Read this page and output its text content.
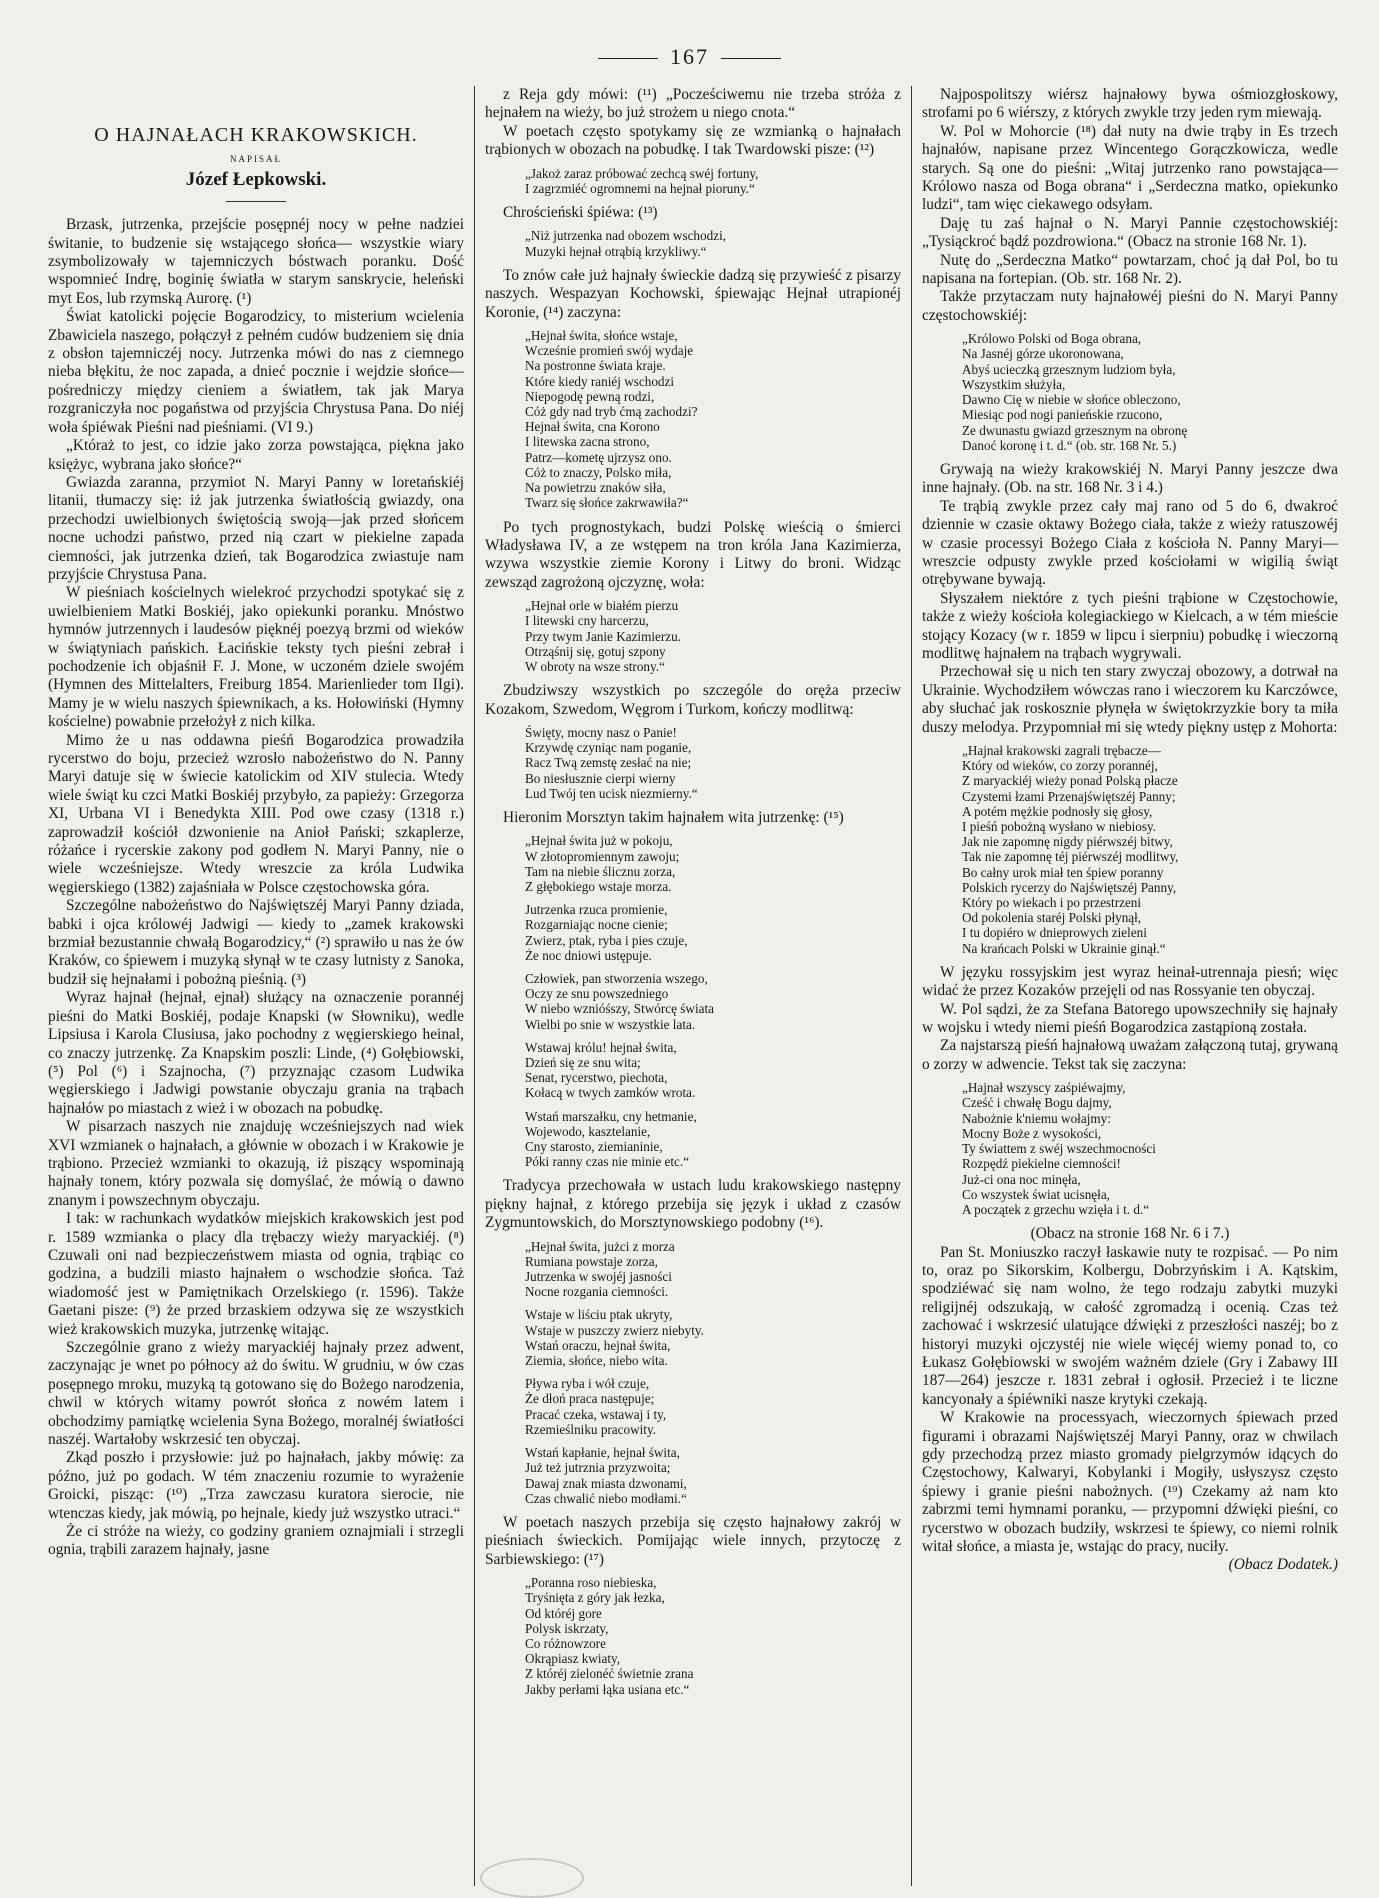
167
O HAJNAŁACH KRAKOWSKICH.
NAPISAŁ
Józef Łepkowski.

Brzask, jutrzenka, przejście posępnéj nocy w pełne nadziei świtanie, to budzenie się wstającego słońca— wszystkie wiary zsymbolizowały w tajemniczych bóstwach poranku. Dość wspomnieć Indrę, boginię światła w starym sanskrycie, heleński myt Eos, lub rzymską Aurorę. (¹)

Świat katolicki pojęcie Bogarodzicy, to misterium wcielenia Zbawiciela naszego, połączył z pełném cudów budzeniem się dnia z obsłon tajemniczéj nocy. Jutrzenka mówi do nas z ciemnego nieba błękitu, że noc zapada, a dnieć pocznie i wejdzie słońce—pośredniczy między cieniem a światłem, tak jak Marya rozgraniczyła noc pogaństwa od przyjścia Chrystusa Pana. Do niéj woła śpiéwak Pieśni nad pieśniami. (VI 9.)

„Któraż to jest, co idzie jako zorza powstająca, piękna jako księżyc, wybrana jako słońce?“

Gwiazda zaranna, przymiot N. Maryi Panny w loretańskiéj litanii, tłumaczy się: iż jak jutrzenka światłością gwiazdy, ona przechodzi uwielbionych świętością swoją—jak przed słońcem nocne uchodzi państwo, przed nią czart w piekielne zapada ciemności, jak jutrzenka dzień, tak Bogarodzica zwiastuje nam przyjście Chrystusa Pana.

W pieśniach kościelnych wielekroć przychodzi spotykać się z uwielbieniem Matki Boskiéj, jako opiekunki poranku. Mnóstwo hymnów jutrzennych i laudesów pięknéj poezyą brzmi od wieków w świątyniach pańskich. Łacińskie teksty tych pieśni zebrał i pochodzenie ich objaśnił F. J. Mone, w uczoném dziele swojém (Hymnen des Mittelalters, Freiburg 1854. Marienlieder tom IIgi). Mamy je w wielu naszych śpiewnikach, a ks. Hołowiński (Hymny kościelne) powabnie przełożył z nich kilka.

Mimo że u nas oddawna pieśń Bogarodzica prowadziła rycerstwo do boju, przecież wzrosło nabożeństwo do N. Panny Maryi datuje się w świecie katolickim od XIV stulecia. Wtedy wiele świąt ku czci Matki Boskiéj przybyło, za papieży: Grzegorza XI, Urbana VI i Benedykta XIII. Pod owe czasy (1318 r.) zaprowadził kościół dzwonienie na Anioł Pański; szkaplerze, różańce i rycerskie zakony pod godłem N. Maryi Panny, nie o wiele wcześniejsze. Wtedy wreszcie za króla Ludwika węgierskiego (1382) zajaśniała w Polsce częstochowska góra.

Szczególne nabożeństwo do Najświętszéj Maryi Panny dziada, babki i ojca królowéj Jadwigi — kiedy to „zamek krakowski brzmiał bezustannie chwałą Bogarodzicy,“ (²) sprawiło u nas że ów Kraków, co śpiewem i muzyką słynął w te czasy lutnisty z Sanoka, budził się hejnałami i pobożną pieśnią. (³)

Wyraz hajnał (hejnał, ejnał) służący na oznaczenie porannéj pieśni do Matki Boskiéj, podaje Knapski (w Słowniku), wedle Lipsiusa i Karola Clusiusa, jako pochodny z węgierskiego heinal, co znaczy jutrzenkę. Za Knapskim poszli: Linde, (⁴) Gołębiowski, (⁵) Pol (⁶) i Szajnocha, (⁷) przyznając czasom Ludwika węgierskiego i Jadwigi powstanie obyczaju grania na trąbach hajnałów po miastach z wież i w obozach na pobudkę.

W pisarzach naszych nie znajduję wcześniejszych nad wiek XVI wzmianek o hajnałach, a głównie w obozach i w Krakowie je trąbiono. Przecież wzmianki to okazują, iż piszący wspominają hajnały tonem, który pozwala się domyślać, że mówią o dawno znanym i powszechnym obyczaju.

I tak: w rachunkach wydatków miejskich krakowskich jest pod r. 1589 wzmianka o placy dla trębaczy wieży maryackiéj. (⁸) Czuwali oni nad bezpieczeństwem miasta od ognia, trąbiąc co godzina, a budzili miasto hajnałem o wschodzie słońca. Taż wiadomość jest w Pamiętnikach Orzelskiego (r. 1596). Także Gaetani pisze: (⁹) że przed brzaskiem odzywa się ze wszystkich wież krakowskich muzyka, jutrzenkę witając.

Szczególnie grano z wieży maryackiéj hajnały przez adwent, zaczynając je wnet po północy aż do świtu. W grudniu, w ów czas posępnego mroku, muzyką tą gotowano się do Bożego narodzenia, chwil w których witamy powrót słońca z nowém latem i obchodzimy pamiątkę wcielenia Syna Bożego, moralnéj światłości naszéj. Wartałoby wskrzesić ten obyczaj.

Zkąd poszło i przysłowie: już po hajnałach, jakby mówię: za późno, już po godach. W tém znaczeniu rozumie to wyrażenie Groicki, pisząc: (¹⁰) „Trza zawczasu kuratora sierocie, nie wtenczas kiedy, jak mówią, po hejnale, kiedy już wszystko utraci.“

Że ci stróże na wieży, co godziny graniem oznajmiali i strzegli ognia, trąbili zarazem hajnały, jasne

z Reja gdy mówi: (¹¹) „Pocześciwemu nie trzeba stróża z hejnałem na wieży, bo już strożem u niego cnota.“

W poetach często spotykamy się ze wzmianką o hajnałach trąbionych w obozach na pobudkę. I tak Twardowski pisze: (¹²)

„Jakoż zaraz próbować zechcą swéj fortuny,
I zagrzmiéć ogromnemi na hejnał pioruny.“

Chrościeński śpiéwa: (¹³)

„Niż jutrzenka nad obozem wschodzi,
Muzyki hejnał otrąbią krzykliwy.“

To znów całe już hajnały świeckie dadzą się przywieść z pisarzy naszych. Wespazyan Kochowski, śpiewając Hejnał utrapionéj Koronie, (¹⁴) zaczyna:

„Hejnał świta, słońce wstaje,
Wcześnie promień swój wydaje
Na postronne świata kraje.
Które kiedy raniéj wschodzi
Niepogodę pewną rodzi,
Cóż gdy nad tryb ćmą zachodzi?
Hejnał świta, cna Korono
I litewska zacna strono,
Patrz—kometę ujrzysz ono.
Cóż to znaczy, Polsko miła,
Na powietrzu znaków siła,
Twarz się słońce zakrwawiła?“

Po tych prognostykach, budzi Polskę wieścią o śmierci Władysława IV, a ze wstępem na tron króla Jana Kazimierza, wzywa wszystkie ziemie Korony i Litwy do broni. Widząc zewsząd zagrożoną ojczyznę, woła:

„Hejnał orle w białém pierzu
I litewski cny harcerzu,
Przy twym Janie Kazimierzu.
Otrząśnij się, gotuj szpony
W obroty na wsze strony.“

Zbudziwszy wszystkich po szczególe do oręża przeciw Kozakom, Szwedom, Węgrom i Turkom, kończy modlitwą:

Święty, mocny nasz o Panie!
Krzywdę czyniąc nam poganie,
Racz Twą zemstę zesłać na nie;
Bo niesłusznie cierpi wierny
Lud Twój ten ucisk niezmierny.“

Hieronim Morsztyn takim hajnałem wita jutrzenkę: (¹⁵)

„Hejnał świta już w pokoju,
W złotopromiennym zawoju;
Tam na niebie ślicznu zorza,
Z głębokiego wstaje morza.
Jutrzenka rzuca promienie,
Rozgarniając nocne cienie;
Zwierz, ptak, ryba i pies czuje,
Że noc dniowi ustępuje.
Człowiek, pan stworzenia wszego,
Oczy ze snu powszedniego
W niebo wznióśszy, Stwórcę świata
Wielbi po snie w wszystkie lata.
Wstawaj królu! hejnał świta,
Dzień się ze snu wita;
Senat, rycerstwo, piechota,
Kołacą w twych zamków wrota.
Wstań marszałku, cny hetmanie,
Wojewodo, kasztelanie,
Cny starosto, ziemianinie,
Póki ranny czas nie minie etc.“

Tradycya przechowała w ustach ludu krakowskiego następny piękny hajnał, z którego przebija się język i układ z czasów Zygmuntowskich, do Morsztynowskiego podobny (¹⁶).

„Hejnał świta, jużci z morza
Rumiana powstaje zorza,
Jutrzenka w swojéj jasności
Nocne rozgania ciemności.
Wstaje w liściu ptak ukryty,
Wstaje w puszczy zwierz niebyty.
Wstań oraczu, hejnał świta,
Ziemia, słońce, niebo wita.
Pływa ryba i wół czuje,
Że dłoń praca następuje;
Pracać czeka, wstawaj i ty,
Rzemieślniku pracowity.
Wstań kapłanie, hejnał świta,
Już też jutrznia przyzwoita;
Dawaj znak miasta dzwonami,
Czas chwalić niebo modłami.“

W poetach naszych przebija się często hajnałowy zakrój w pieśniach świeckich. Pomijając wiele innych, przytoczę z Sarbiewskiego: (¹⁷)

„Poranna roso niebieska,
Tryśnięta z góry jak łezka,
Od któréj gore
Polysk iskrzaty,
Co różnowzore
Okrąpiasz kwiaty,
Z któréj zielonéć świetnie zrana
Jakby perłami łąka usiana etc.“

Najpospolitszy wiérsz hajnałowy bywa ośmiozgłoskowy, strofami po 6 wiérszy, z których zwykle trzy jeden rym miewają.

W. Pol w Mohorcie (¹⁸) dał nuty na dwie trąby in Es trzech hajnałów, napisane przez Wincentego Gorączkowicza, wedle starych. Są one do pieśni: „Witaj jutrzenko rano powstająca—Królowo nasza od Boga obrana“ i „Serdeczna matko, opiekunko ludzi“, tam więc ciekawego odsyłam.

Daję tu zaś hajnał o N. Maryi Pannie częstochowskiéj: „Tysiąckroć bądź pozdrowiona.“ (Obacz na stronie 168 Nr. 1).

Nutę do „Serdeczna Matko“ powtarzam, choć ją dał Pol, bo tu napisana na fortepian. (Ob. str. 168 Nr. 2).

Także przytaczam nuty hajnałowéj pieśni do N. Maryi Panny częstochowskiéj:

„Królowo Polski od Boga obrana,
Na Jasnéj górze ukoronowana,
Abyś ucieczką grzesznym ludziom była,
Wszystkim służyła,
Dawno Cię w niebie w słońce obleczono,
Miesiąc pod nogi panieńskie rzucono,
Ze dwunastu gwiazd grzesznym na obronę
Danoć koronę i t. d.“ (ob. str. 168 Nr. 5.)

Grywają na wieży krakowskiéj N. Maryi Panny jeszcze dwa inne hajnały. (Ob. na str. 168 Nr. 3 i 4.)

Te trąbią zwykle przez cały maj rano od 5 do 6, dwakroć dziennie w czasie oktawy Bożego ciała, także z wieży ratuszowéj w czasie processyi Bożego Ciała z kościoła N. Panny Maryi—wreszcie odpusty zwykle przed kościołami w wigilią świąt otrębywane bywają.

Słyszałem niektóre z tych pieśni trąbione w Częstochowie, także z wieży kościoła kolegiackiego w Kielcach, a w tém mieście stojący Kozacy (w r. 1859 w lipcu i sierpniu) pobudkę i wieczorną modlitwę hajnałem na trąbach wygrywali.

Przechował się u nich ten stary zwyczaj obozowy, a dotrwał na Ukrainie. Wychodziłem wówczas rano i wieczorem ku Karczówce, aby słuchać jak roskosznie płynęła w świętokrzyzkie bory ta miła duszy melodya. Przypomniał mi się wtedy piękny ustęp z Mohorta:

„Hajnał krakowski zagrali trębacze—
Który od wieków, co zorzy porannéj,
Z maryackiéj wieży ponad Polską płacze
Czystemi łzami Przenajświętszéj Panny;
A potém mężkie podnosły się głosy,
I pieśń pobożną wysłano w niebiosy.
Jak nie zapomnę nigdy piérwszéj bitwy,
Tak nie zapomnę téj piérwszéj modlitwy,
Bo całny urok miał ten śpiew poranny
Polskich rycerzy do Najświętszéj Panny,
Który po wiekach i po przestrzeni
Od pokolenia staréj Polski płynął,
I tu dopiéro w dnieprowych zieleni
Na krańcach Polski w Ukrainie ginął.“

W języku rossyjskim jest wyraz heinał-utrennaja piesń; więc widać że przez Kozaków przejęli od nas Rossyanie ten obyczaj.

W. Pol sądzi, że za Stefana Batorego upowszechniły się hajnały w wojsku i wtedy niemi pieśń Bogarodzica zastąpioną została.

Za najstarszą pieśń hajnałową uważam załączoną tutaj, grywaną o zorzy w adwencie. Tekst tak się zaczyna:

„Hajnał wszyscy zaśpiéwajmy,
Cześć i chwałę Bogu dajmy,
Nabożnie k'niemu wołajmy:
Mocny Boże z wysokości,
Ty świattem z swéj wszechmocności
Rozpędź piekielne ciemności!
Już-ci ona noc minęła,
Co wszystek świat ucisnęła,
A początek z grzechu wzięła i t. d.“

(Obacz na stronie 168 Nr. 6 i 7.)

Pan St. Moniuszko raczył łaskawie nuty te rozpisać. — Po nim to, oraz po Sikorskim, Kolbergu, Dobrzyńskim i A. Kątskim, spodziéwać się nam wolno, że tego rodzaju zabytki muzyki religijnéj odszukają, w całość zgromadzą i ocenią. Czas też zachować i wskrzesić ulatujące dźwięki z przeszłości naszéj; bo z historyi muzyki ojczystéj nie wiele więcéj wiemy ponad to, co Łukasz Gołębiowski w swojém ważném dziele (Gry i Zabawy III 187—264) jeszcze r. 1831 zebrał i ogłosił. Przecież i te liczne kancyonały a śpiéwniki nasze krytyki czekają.

W Krakowie na processyach, wieczornych śpiewach przed figurami i obrazami Najświętszéj Maryi Panny, oraz w chwilach gdy przechodzą przez miasto gromady pielgrzymów idących do Częstochowy, Kalwaryi, Kobylanki i Mogiły, usłyszysz często śpiewy i granie pieśni nabożnych. (¹⁹) Czekamy aż nam kto zabrzmi temi hymnami poranku, — przypomni dźwięki pieśni, co rycerstwo w obozach budziły, wskrzesi te śpiewy, co niemi rolnik witał słońce, a miasta je, wstając do pracy, nuciły.

(Obacz Dodatek.)
